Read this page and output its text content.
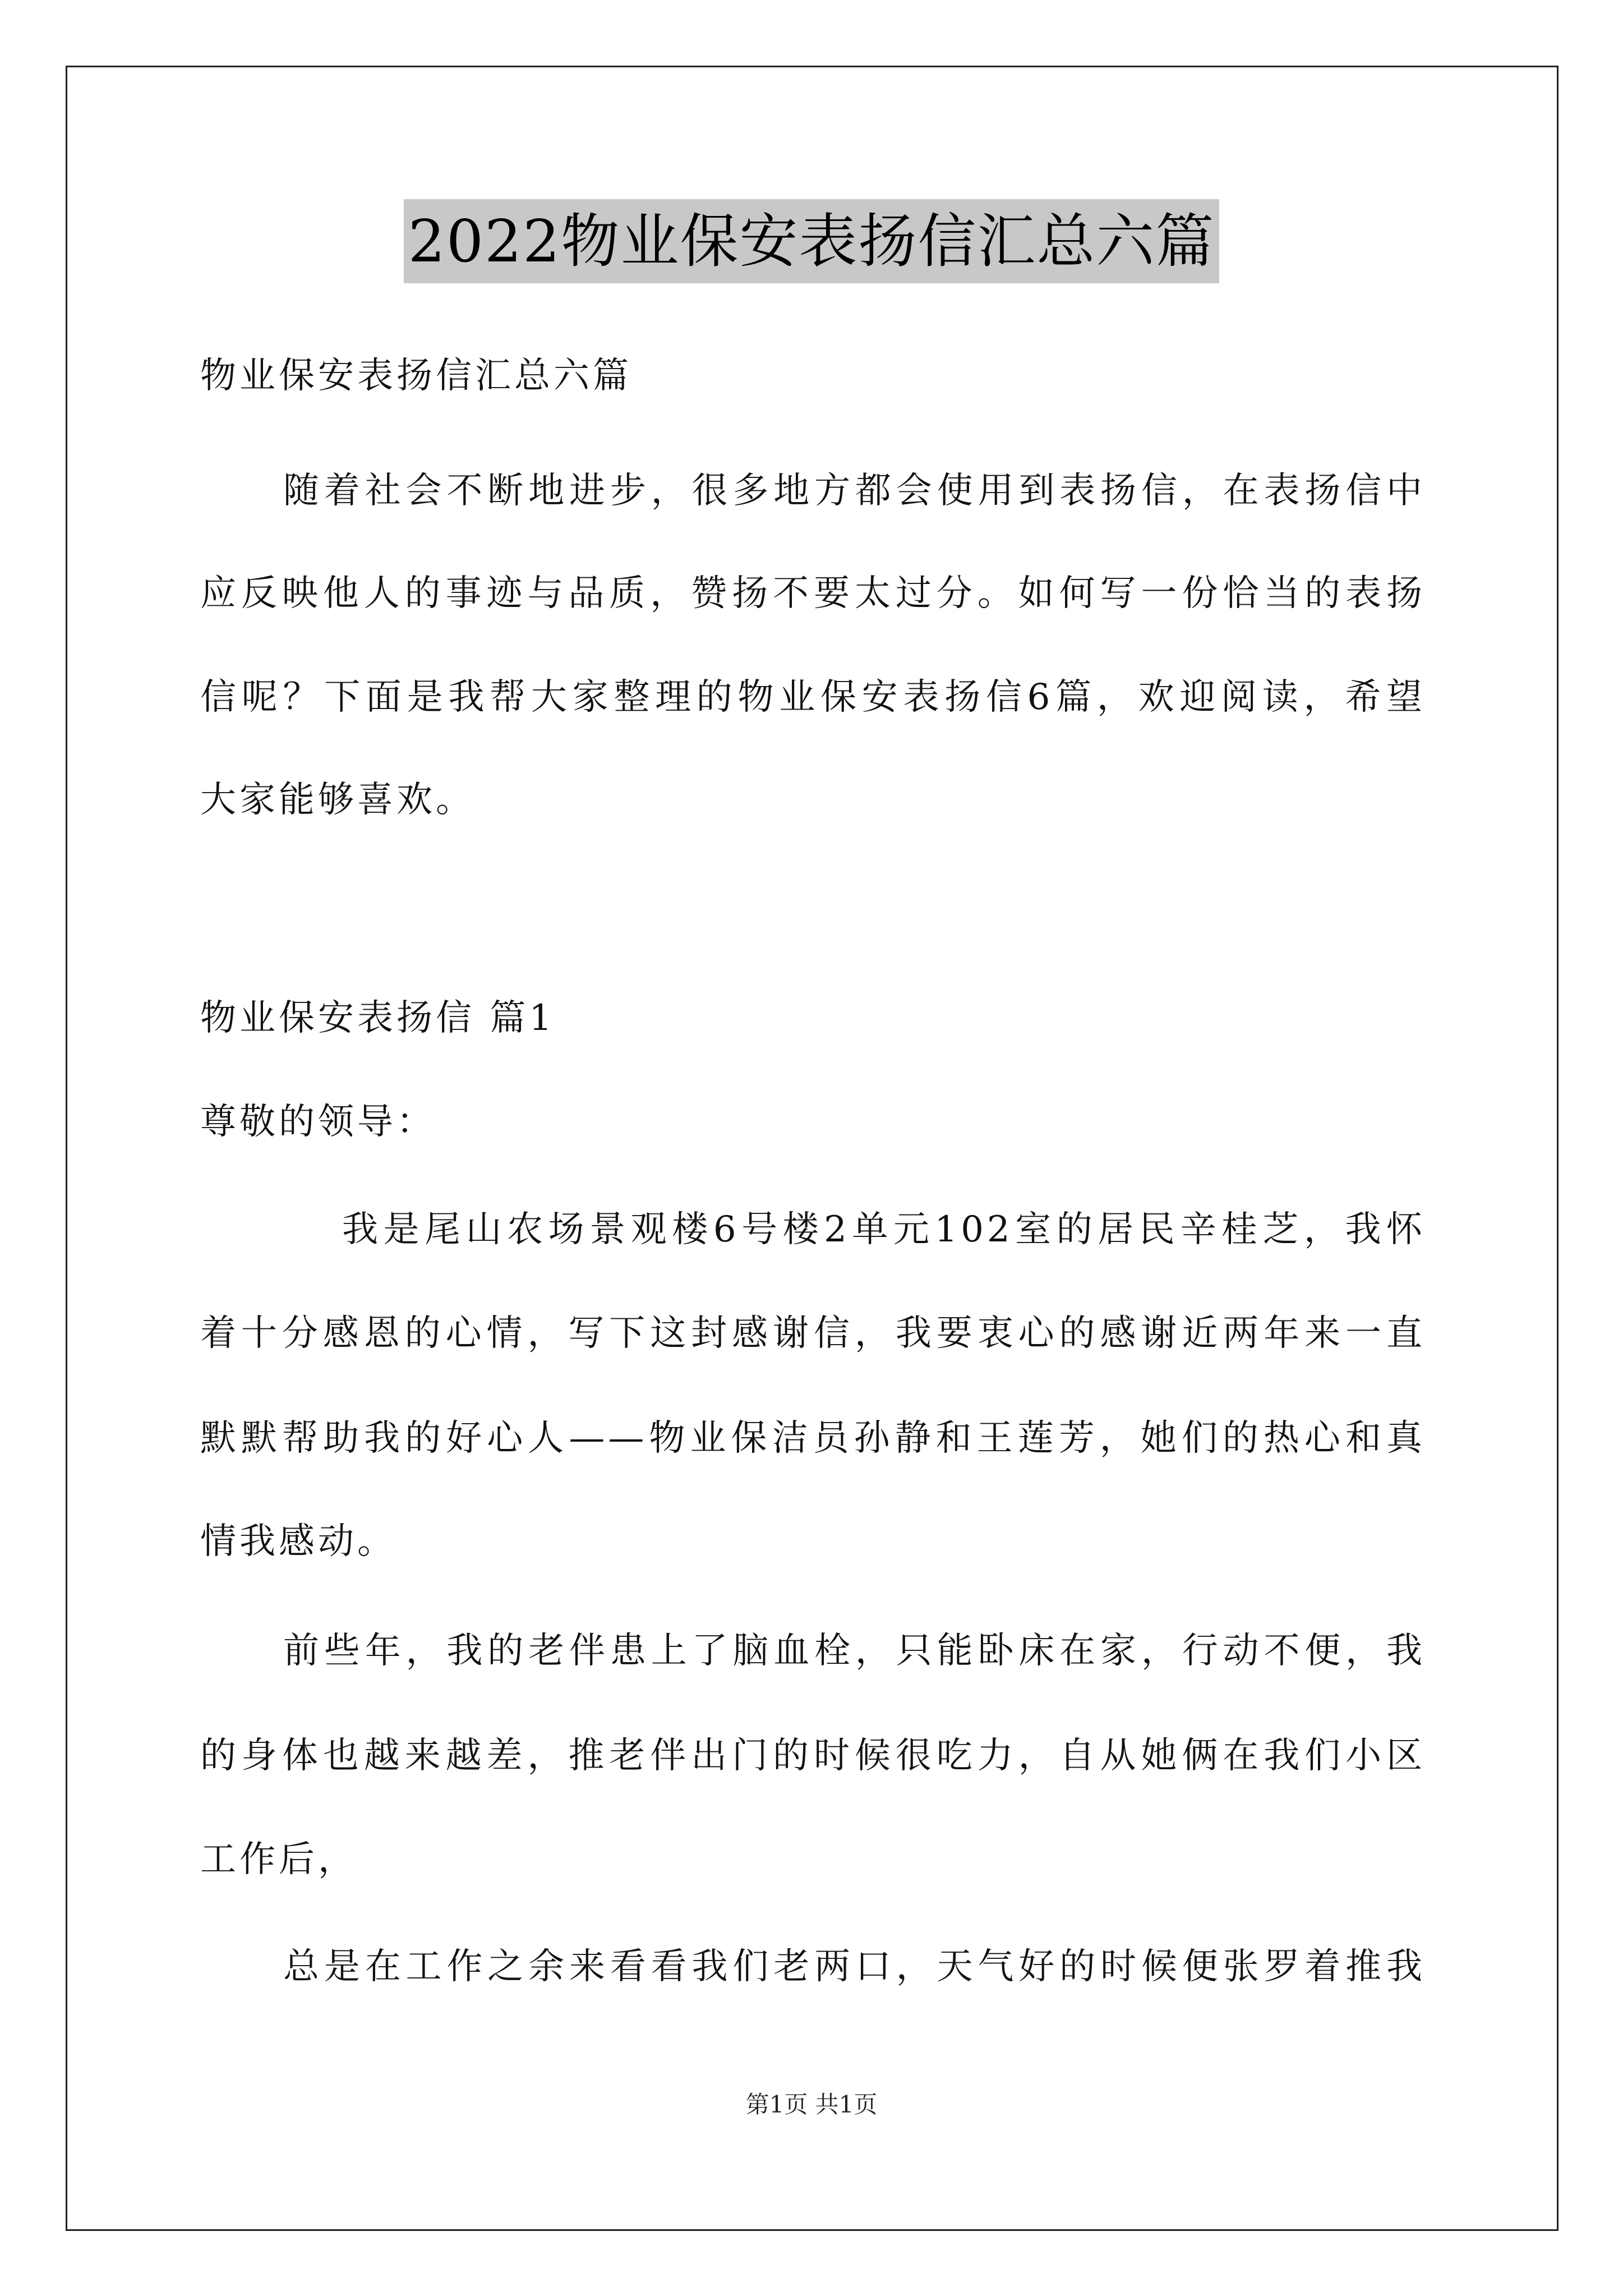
2022物业保安表扬信汇总六篇
物业保安表扬信汇总六篇
随着社会不断地进步，很多地方都会使用到表扬信，在表扬信中
应反映他人的事迹与品质，赞扬不要太过分。如何写一份恰当的表扬
信呢？下面是我帮大家整理的物业保安表扬信6篇，欢迎阅读，希望
大家能够喜欢。
物业保安表扬信 篇1
尊敬的领导：
我是尾山农场景观楼6号楼2单元102室的居民辛桂芝，我怀
着十分感恩的心情，写下这封感谢信，我要衷心的感谢近两年来一直
默默帮助我的好心人——物业保洁员孙静和王莲芳，她们的热心和真
情我感动。
前些年，我的老伴患上了脑血栓，只能卧床在家，行动不便，我
的身体也越来越差，推老伴出门的时候很吃力，自从她俩在我们小区
工作后，
总是在工作之余来看看我们老两口，天气好的时候便张罗着推我
第1页 共1页
